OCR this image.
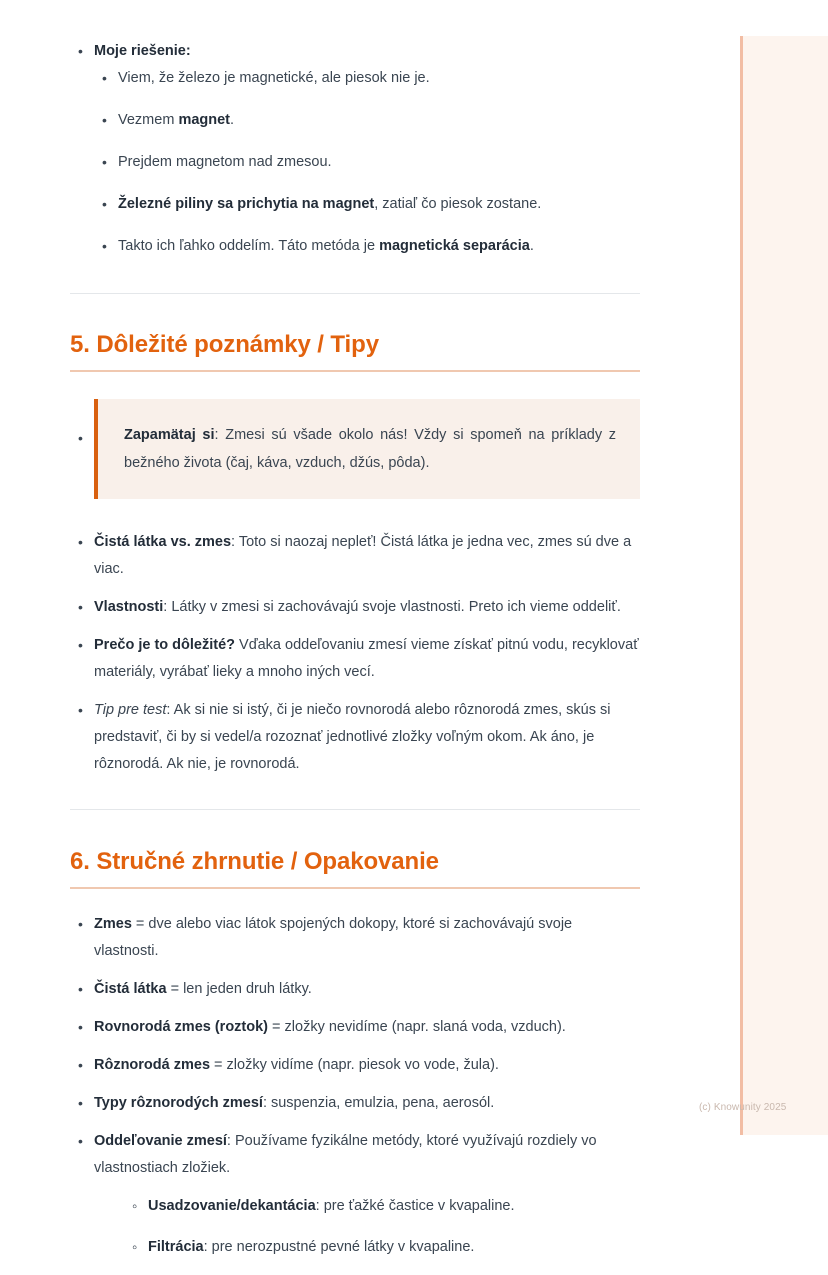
• Moje riešenie:
• Viem, že železo je magnetické, ale piesok nie je.
• Vezmem magnet.
• Prejdem magnetom nad zmesou.
• Železné piliny sa prichytia na magnet, zatiaľ čo piesok zostane.
• Takto ich ľahko oddelím. Táto metóda je magnetická separácia.
5. Dôležité poznámky / Tipy
• Zapamätaj si: Zmesi sú všade okolo nás! Vždy si spomeň na príklady z bežného života (čaj, káva, vzduch, džús, pôda).
• Čistá látka vs. zmes: Toto si naozaj nepleť! Čistá látka je jedna vec, zmes sú dve a viac.
• Vlastnosti: Látky v zmesi si zachovávajú svoje vlastnosti. Preto ich vieme oddeliť.
• Prečo je to dôležité? Vďaka oddeľovaniu zmesí vieme získať pitnú vodu, recyklovať materiály, vyrábať lieky a mnoho iných vecí.
• Tip pre test: Ak si nie si istý, či je niečo rovnorodá alebo rôznorodá zmes, skús si predstaviť, či by si vedel/a rozoznať jednotlivé zložky voľným okom. Ak áno, je rôznorodá. Ak nie, je rovnorodá.
6. Stručné zhrnutie / Opakovanie
• Zmes = dve alebo viac látok spojených dokopy, ktoré si zachovávajú svoje vlastnosti.
• Čistá látka = len jeden druh látky.
• Rovnorodá zmes (roztok) = zložky nevidíme (napr. slaná voda, vzduch).
• Rôznorodá zmes = zložky vidíme (napr. piesok vo vode, žula).
• Typy rôznorodých zmesí: suspenzia, emulzia, pena, aerosól.
• Oddeľovanie zmesí: Používame fyzikálne metódy, ktoré využívajú rozdiely vo vlastnostiach zložiek.
◦ Usadzovanie/dekantácia: pre ťažké častice v kvapaline.
◦ Filtrácia: pre nerozpustné pevné látky v kvapaline.
(c) Knowunity 2025
